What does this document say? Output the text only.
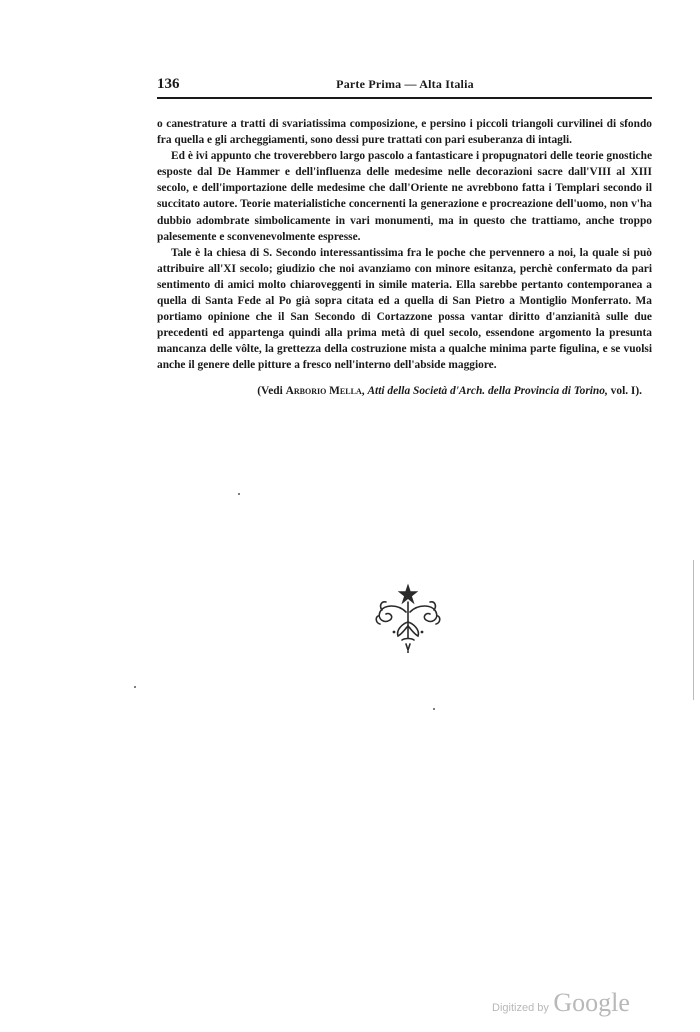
136	Parte Prima — Alta Italia

o canestrature a tratti di svariatissima composizione, e persino i piccoli triangoli curvilinei di sfondo fra quella e gli archeggiamenti, sono dessi pure trattati con pari esuberanza di intagli.

Ed è ivi appunto che troverebbero largo pascolo a fantasticare i propugnatori delle teorie gnostiche esposte dal De Hammer e dell'influenza delle medesime nelle decorazioni sacre dall'VIII al XIII secolo, e dell'importazione delle medesime che dall'Oriente ne avrebbono fatta i Templari secondo il succitato autore. Teorie materialistiche concernenti la generazione e procreazione dell'uomo, non v'ha dubbio adombrate simbolicamente in vari monumenti, ma in questo che trattiamo, anche troppo palesemente e sconvenevolmente espresse.

Tale è la chiesa di S. Secondo interessantissima fra le poche che pervennero a noi, la quale si può attribuire all'XI secolo; giudizio che noi avanziamo con minore esitanza, perchè confermato da pari sentimento di amici molto chiaroveggenti in simile materia. Ella sarebbe pertanto contemporanea a quella di Santa Fede al Po già sopra citata ed a quella di San Pietro a Montiglio Monferrato. Ma portiamo opinione che il San Secondo di Cortazzone possa vantar diritto d'anzianità sulle due precedenti ed appartenga quindi alla prima metà di quel secolo, essendone argomento la presunta mancanza delle vôlte, la grettezza della costruzione mista a qualche minima parte figulina, e se vuolsi anche il genere delle pitture a fresco nell'interno dell'abside maggiore.

(Vedi Arborio Mella, Atti della Società d'Arch. della Provincia di Torino, vol. I).
Digitized by Google
